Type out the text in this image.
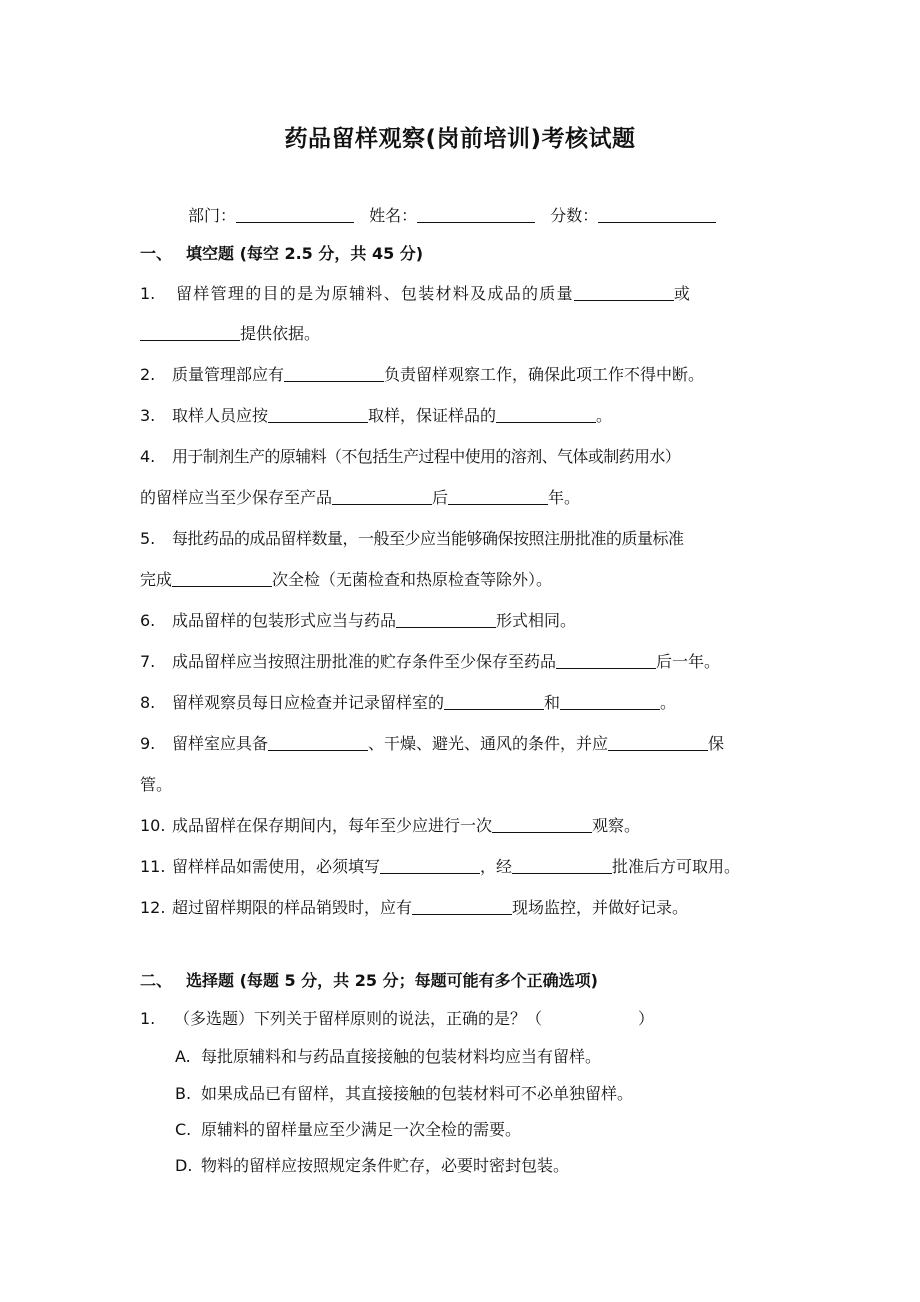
药品留样观察(岗前培训)考核试题
部门：	姓名：	分数：
一、 填空题 (每空 2.5 分，共 45 分)
1. 留样管理的目的是为原辅料、包装材料及成品的质量	或
提供依据。
2. 质量管理部应有	负责留样观察工作，确保此项工作不得中断。
3. 取样人员应按	取样，保证样品的	。
4. 用于制剂生产的原辅料（不包括生产过程中使用的溶剂、气体或制药用水）
的留样应当至少保存至产品	后	年。
5. 每批药品的成品留样数量，一般至少应当能够确保按照注册批准的质量标准
完成	次全检（无菌检查和热原检查等除外）。
6. 成品留样的包装形式应当与药品	形式相同。
7. 成品留样应当按照注册批准的贮存条件至少保存至药品	后一年。
8. 留样观察员每日应检查并记录留样室的	和	。
9. 留样室应具备	、干燥、避光、通风的条件，并应	保
管。
10. 成品留样在保存期间内，每年至少应进行一次	观察。
11. 留样样品如需使用，必须填写	，经	批准后方可取用。
12. 超过留样期限的样品销毁时，应有	现场监控，并做好记录。
二、 选择题 (每题 5 分，共 25 分；每题可能有多个正确选项)
1. （多选题）下列关于留样原则的说法，正确的是？（	）
A. 每批原辅料和与药品直接接触的包装材料均应当有留样。
B. 如果成品已有留样，其直接接触的包装材料可不必单独留样。
C. 原辅料的留样量应至少满足一次全检的需要。
D. 物料的留样应按照规定条件贮存，必要时密封包装。
